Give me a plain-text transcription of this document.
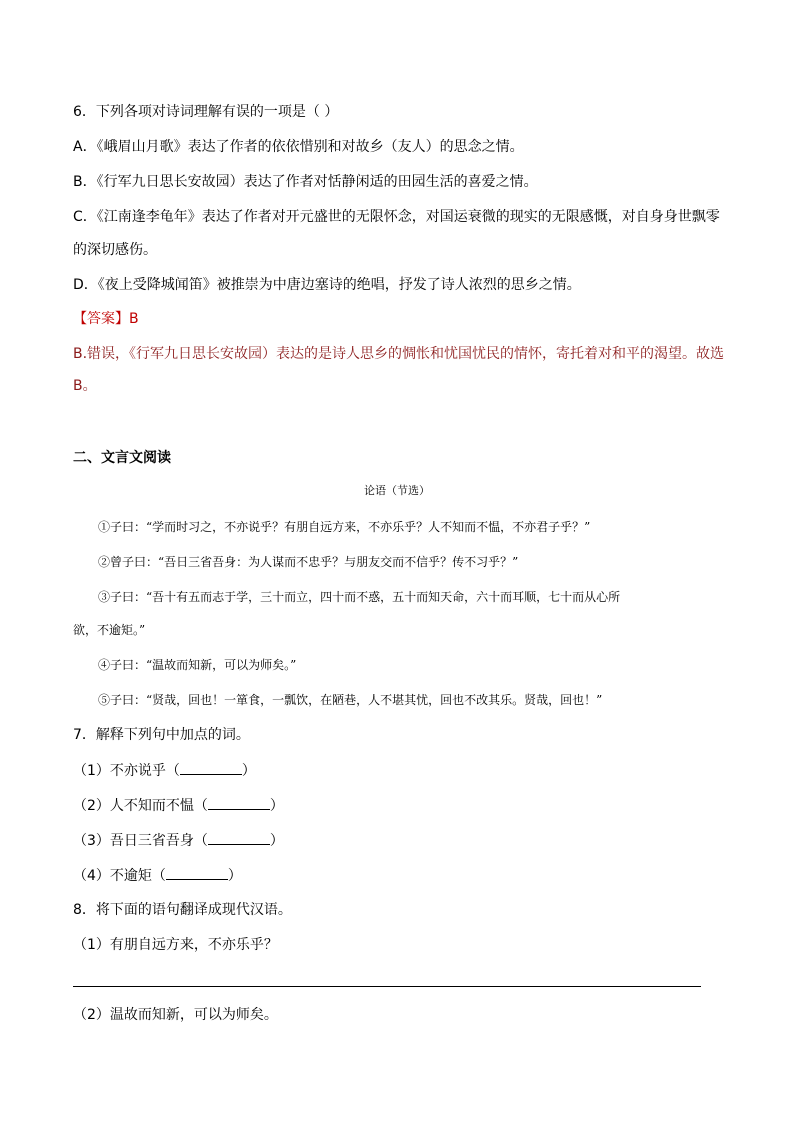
6．下列各项对诗词理解有误的一项是（ ）
A．《峨眉山月歌》表达了作者的依依惜别和对故乡（友人）的思念之情。
B．《行军九日思长安故园）表达了作者对恬静闲适的田园生活的喜爱之情。
C．《江南逢李龟年》表达了作者对开元盛世的无限怀念，对国运衰微的现实的无限感慨，对自身身世飘零
的深切感伤。
D．《夜上受降城闻笛》被推崇为中唐边塞诗的绝唱，抒发了诗人浓烈的思乡之情。
【答案】B
B.错误，《行军九日思长安故园）表达的是诗人思乡的惆怅和忧国忧民的情怀，寄托着对和平的渴望。故选
B。
二、文言文阅读
论语（节选）
①子曰：“学而时习之，不亦说乎？有朋自远方来，不亦乐乎？人不知而不愠，不亦君子乎？”
②曾子曰：“吾日三省吾身：为人谋而不忠乎？与朋友交而不信乎？传不习乎？”
③子曰：“吾十有五而志于学，三十而立，四十而不惑，五十而知天命，六十而耳顺，七十而从心所
欲，不逾矩。”
④子曰：“温故而知新，可以为师矣。”
⑤子曰：“贤哉，回也！一箪食，一瓢饮，在陋巷，人不堪其忧，回也不改其乐。贤哉，回也！”
7．解释下列句中加点的词。
（1）不亦说乎（	）
（2）人不知而不愠（	）
（3）吾日三省吾身（	）
（4）不逾矩（	）
8．将下面的语句翻译成现代汉语。
（1）有朋自远方来，不亦乐乎？
（2）温故而知新，可以为师矣。
